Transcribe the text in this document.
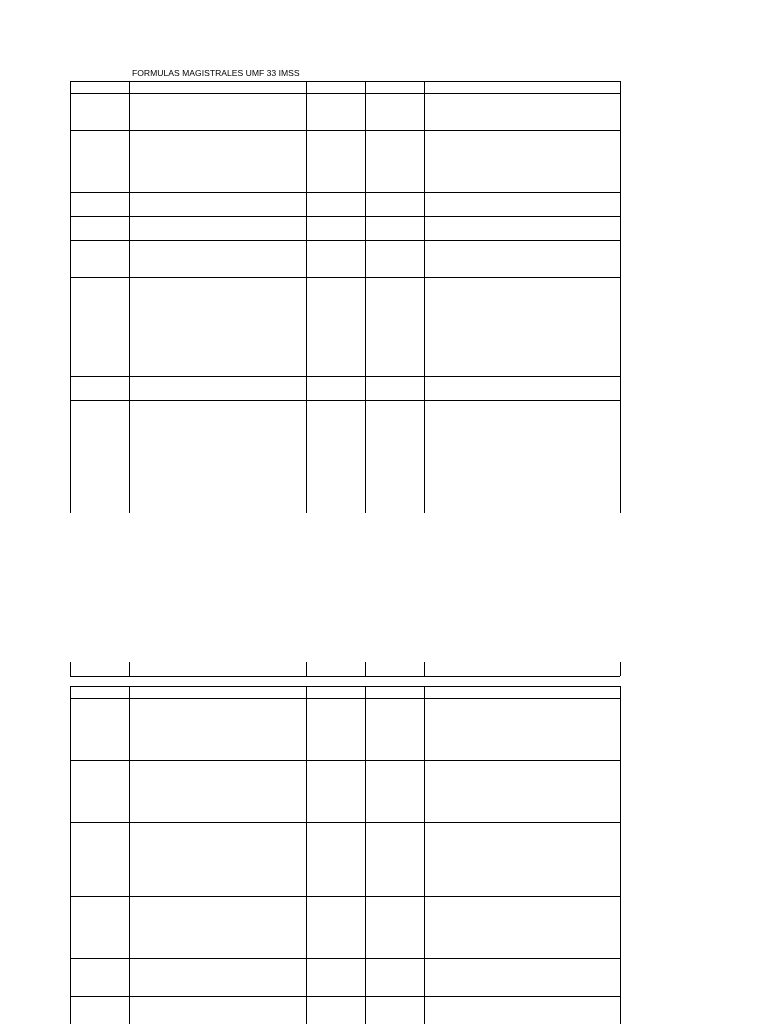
FORMULAS MAGISTRALES UMF 33 IMSS
